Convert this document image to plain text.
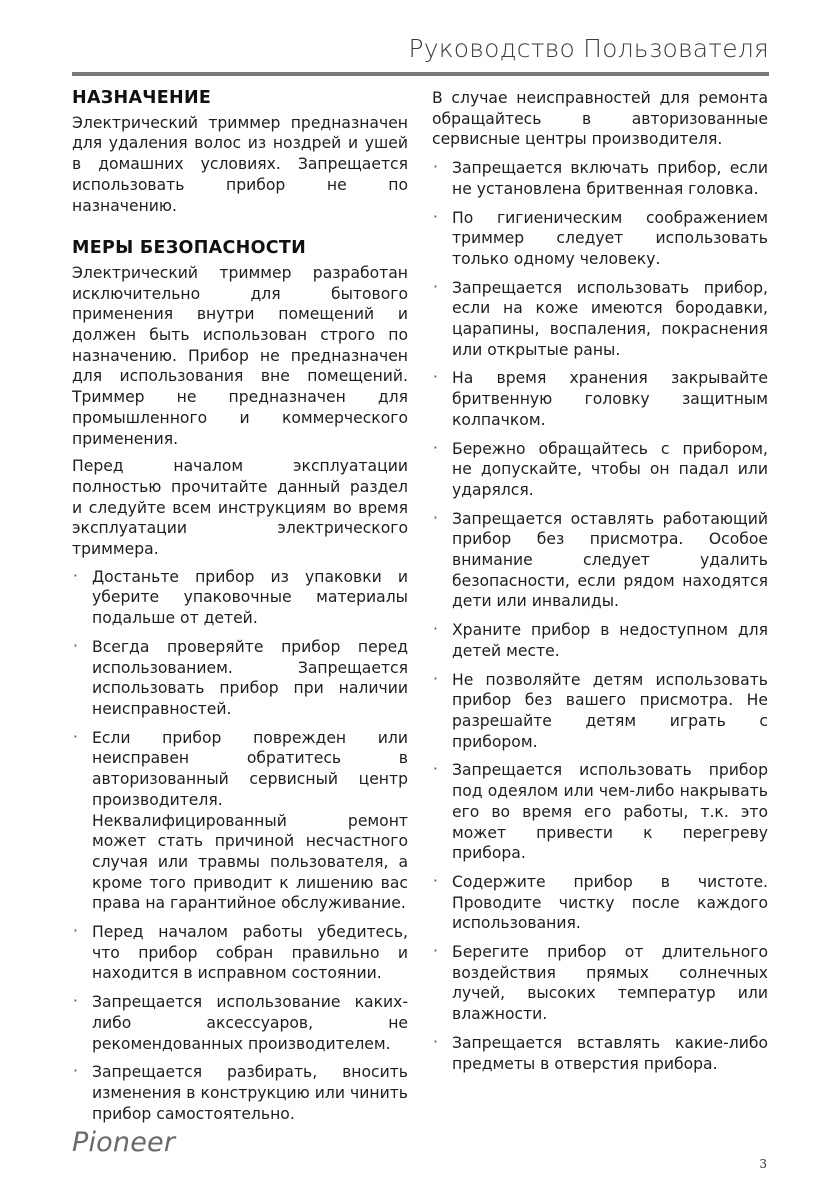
Руководство Пользователя
НАЗНАЧЕНИЕ

Электрический триммер предназначен для удаления волос из ноздрей и ушей в домашних условиях. Запрещается использовать прибор не по назначению.

МЕРЫ БЕЗОПАСНОСТИ

Электрический триммер разработан исключительно для бытового применения внутри помещений и должен быть использован строго по назначению. Прибор не предназначен для использования вне помещений. Триммер не предназначен для промышленного и коммерческого применения.

Перед началом эксплуатации полностью прочитайте данный раздел и следуйте всем инструкциям во время эксплуатации электрического триммера.

· Достаньте прибор из упаковки и уберите упаковочные материалы подальше от детей.
· Всегда проверяйте прибор перед использованием. Запрещается использовать прибор при наличии неисправностей.
· Если прибор поврежден или неисправен обратитесь в авторизованный сервисный центр производителя. Неквалифицированный ремонт может стать причиной несчастного случая или травмы пользователя, а кроме того приводит к лишению вас права на гарантийное обслуживание.
· Перед началом работы убедитесь, что прибор собран правильно и находится в исправном состоянии.
· Запрещается использование каких-либо аксессуаров, не рекомендованных производителем.
· Запрещается разбирать, вносить изменения в конструкцию или чинить прибор самостоятельно.

В случае неисправностей для ремонта обращайтесь в авторизованные сервисные центры производителя.

· Запрещается включать прибор, если не установлена бритвенная головка.
· По гигиеническим соображением триммер следует использовать только одному человеку.
· Запрещается использовать прибор, если на коже имеются бородавки, царапины, воспаления, покраснения или открытые раны.
· На время хранения закрывайте бритвенную головку защитным колпачком.
· Бережно обращайтесь с прибором, не допускайте, чтобы он падал или ударялся.
· Запрещается оставлять работающий прибор без присмотра. Особое внимание следует удалить безопасности, если рядом находятся дети или инвалиды.
· Храните прибор в недоступном для детей месте.
· Не позволяйте детям использовать прибор без вашего присмотра. Не разрешайте детям играть с прибором.
· Запрещается использовать прибор под одеялом или чем-либо накрывать его во время его работы, т.к. это может привести к перегреву прибора.
· Содержите прибор в чистоте. Проводите чистку после каждого использования.
· Берегите прибор от длительного воздействия прямых солнечных лучей, высоких температур или влажности.
· Запрещается вставлять какие-либо предметы в отверстия прибора.
Pioneer
3
